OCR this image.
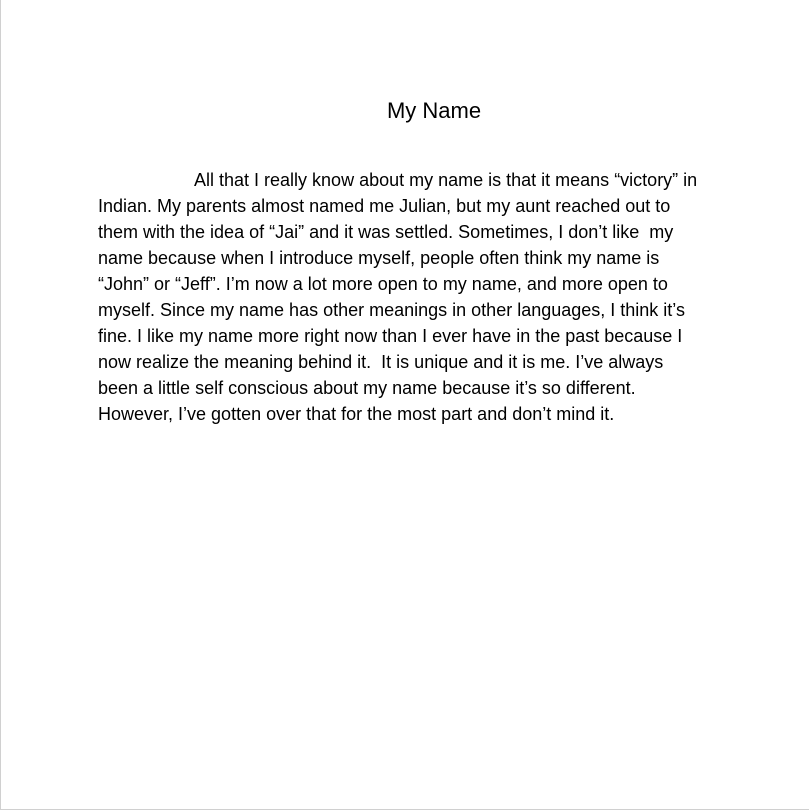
My Name
All that I really know about my name is that it means “victory” in
Indian. My parents almost named me Julian, but my aunt reached out to
them with the idea of “Jai” and it was settled. Sometimes, I don’t like  my
name because when I introduce myself, people often think my name is
“John” or “Jeff”. I’m now a lot more open to my name, and more open to
myself. Since my name has other meanings in other languages, I think it’s
fine. I like my name more right now than I ever have in the past because I
now realize the meaning behind it.  It is unique and it is me. I’ve always
been a little self conscious about my name because it’s so different.
However, I’ve gotten over that for the most part and don’t mind it.
